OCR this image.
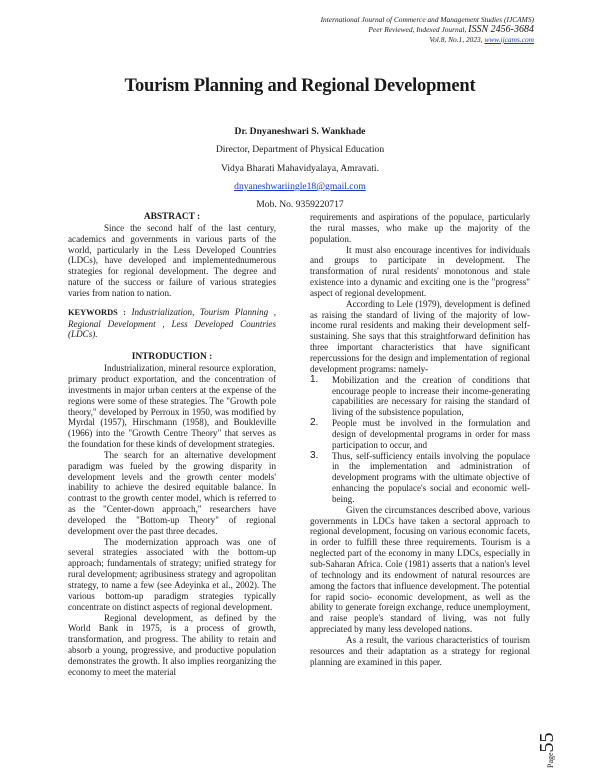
International Journal of Commerce and Management Studies (IJCAMS)
Peer Reviewed, Indexed Journal, ISSN 2456-3684
Vol.8, No.1, 2023, www.ijcams.com
Tourism Planning and Regional Development
Dr. Dnyaneshwari S. Wankhade
Director, Department of Physical Education
Vidya Bharati Mahavidyalaya, Amravati.
dnyaneshwariingle18@gmail.com
Mob. No. 9359220717

ABSTRACT :

Since the second half of the last century, academics and governments in various parts of the world, particularly in the Less Developed Countries (LDCs), have developed and implementednumerous strategies for regional development. The degree and nature of the success or failure of various strategies varies from nation to nation.

KEYWORDS : Industrialization, Tourism Planning , Regional Development , Less Developed Countries (LDCs).

INTRODUCTION :

Industrialization, mineral resource exploration, primary product exportation, and the concentration of investments in major urban centers at the expense of the regions were some of these strategies. The "Growth pole theory," developed by Perroux in 1950, was modified by Myrdal (1957), Hirschmann (1958), and Boukleville (1966) into the "Growth Centre Theory" that serves as the foundation for these kinds of development strategies.

The search for an alternative development paradigm was fueled by the growing disparity in development levels and the growth center models' inability to achieve the desired equitable balance. In contrast to the growth center model, which is referred to as the "Center-down approach," researchers have developed the "Bottom-up Theory" of regional development over the past three decades.

The modernization approach was one of several strategies associated with the bottom-up approach; fundamentals of strategy; unified strategy for rural development; agribusiness strategy and agropolitan strategy, to name a few (see Adeyinka et al., 2002). The various bottom-up paradigm strategies typically concentrate on distinct aspects of regional development.

Regional development, as defined by the World Bank in 1975, is a process of growth, transformation, and progress. The ability to retain and absorb a young, progressive, and productive population demonstrates the growth. It also implies reorganizing the economy to meet the material

requirements and aspirations of the populace, particularly the rural masses, who make up the majority of the population.

It must also encourage incentives for individuals and groups to participate in development. The transformation of rural residents' monotonous and stale existence into a dynamic and exciting one is the "progress" aspect of regional development.

According to Lele (1979), development is defined as raising the standard of living of the majority of low-income rural residents and making their development self-sustaining. She says that this straightforward definition has three important characteristics that have significant repercussions for the design and implementation of regional development programs: namely-

1. Mobilization and the creation of conditions that encourage people to increase their income-generating capabilities are necessary for raising the standard of living of the subsistence population,
2. People must be involved in the formulation and design of developmental programs in order for mass participation to occur, and
3. Thus, self-sufficiency entails involving the populace in the implementation and administration of development programs with the ultimate objective of enhancing the populace's social and economic well-being.

Given the circumstances described above, various governments in LDCs have taken a sectoral approach to regional development, focusing on various economic facets, in order to fulfill these three requirements. Tourism is a neglected part of the economy in many LDCs, especially in sub-Saharan Africa. Cole (1981) asserts that a nation's level of technology and its endowment of natural resources are among the factors that influence development. The potential for rapid socio- economic development, as well as the ability to generate foreign exchange, reduce unemployment, and raise people's standard of living, was not fully appreciated by many less developed nations.

As a result, the various characteristics of tourism resources and their adaptation as a strategy for regional planning are examined in this paper.

Page55
